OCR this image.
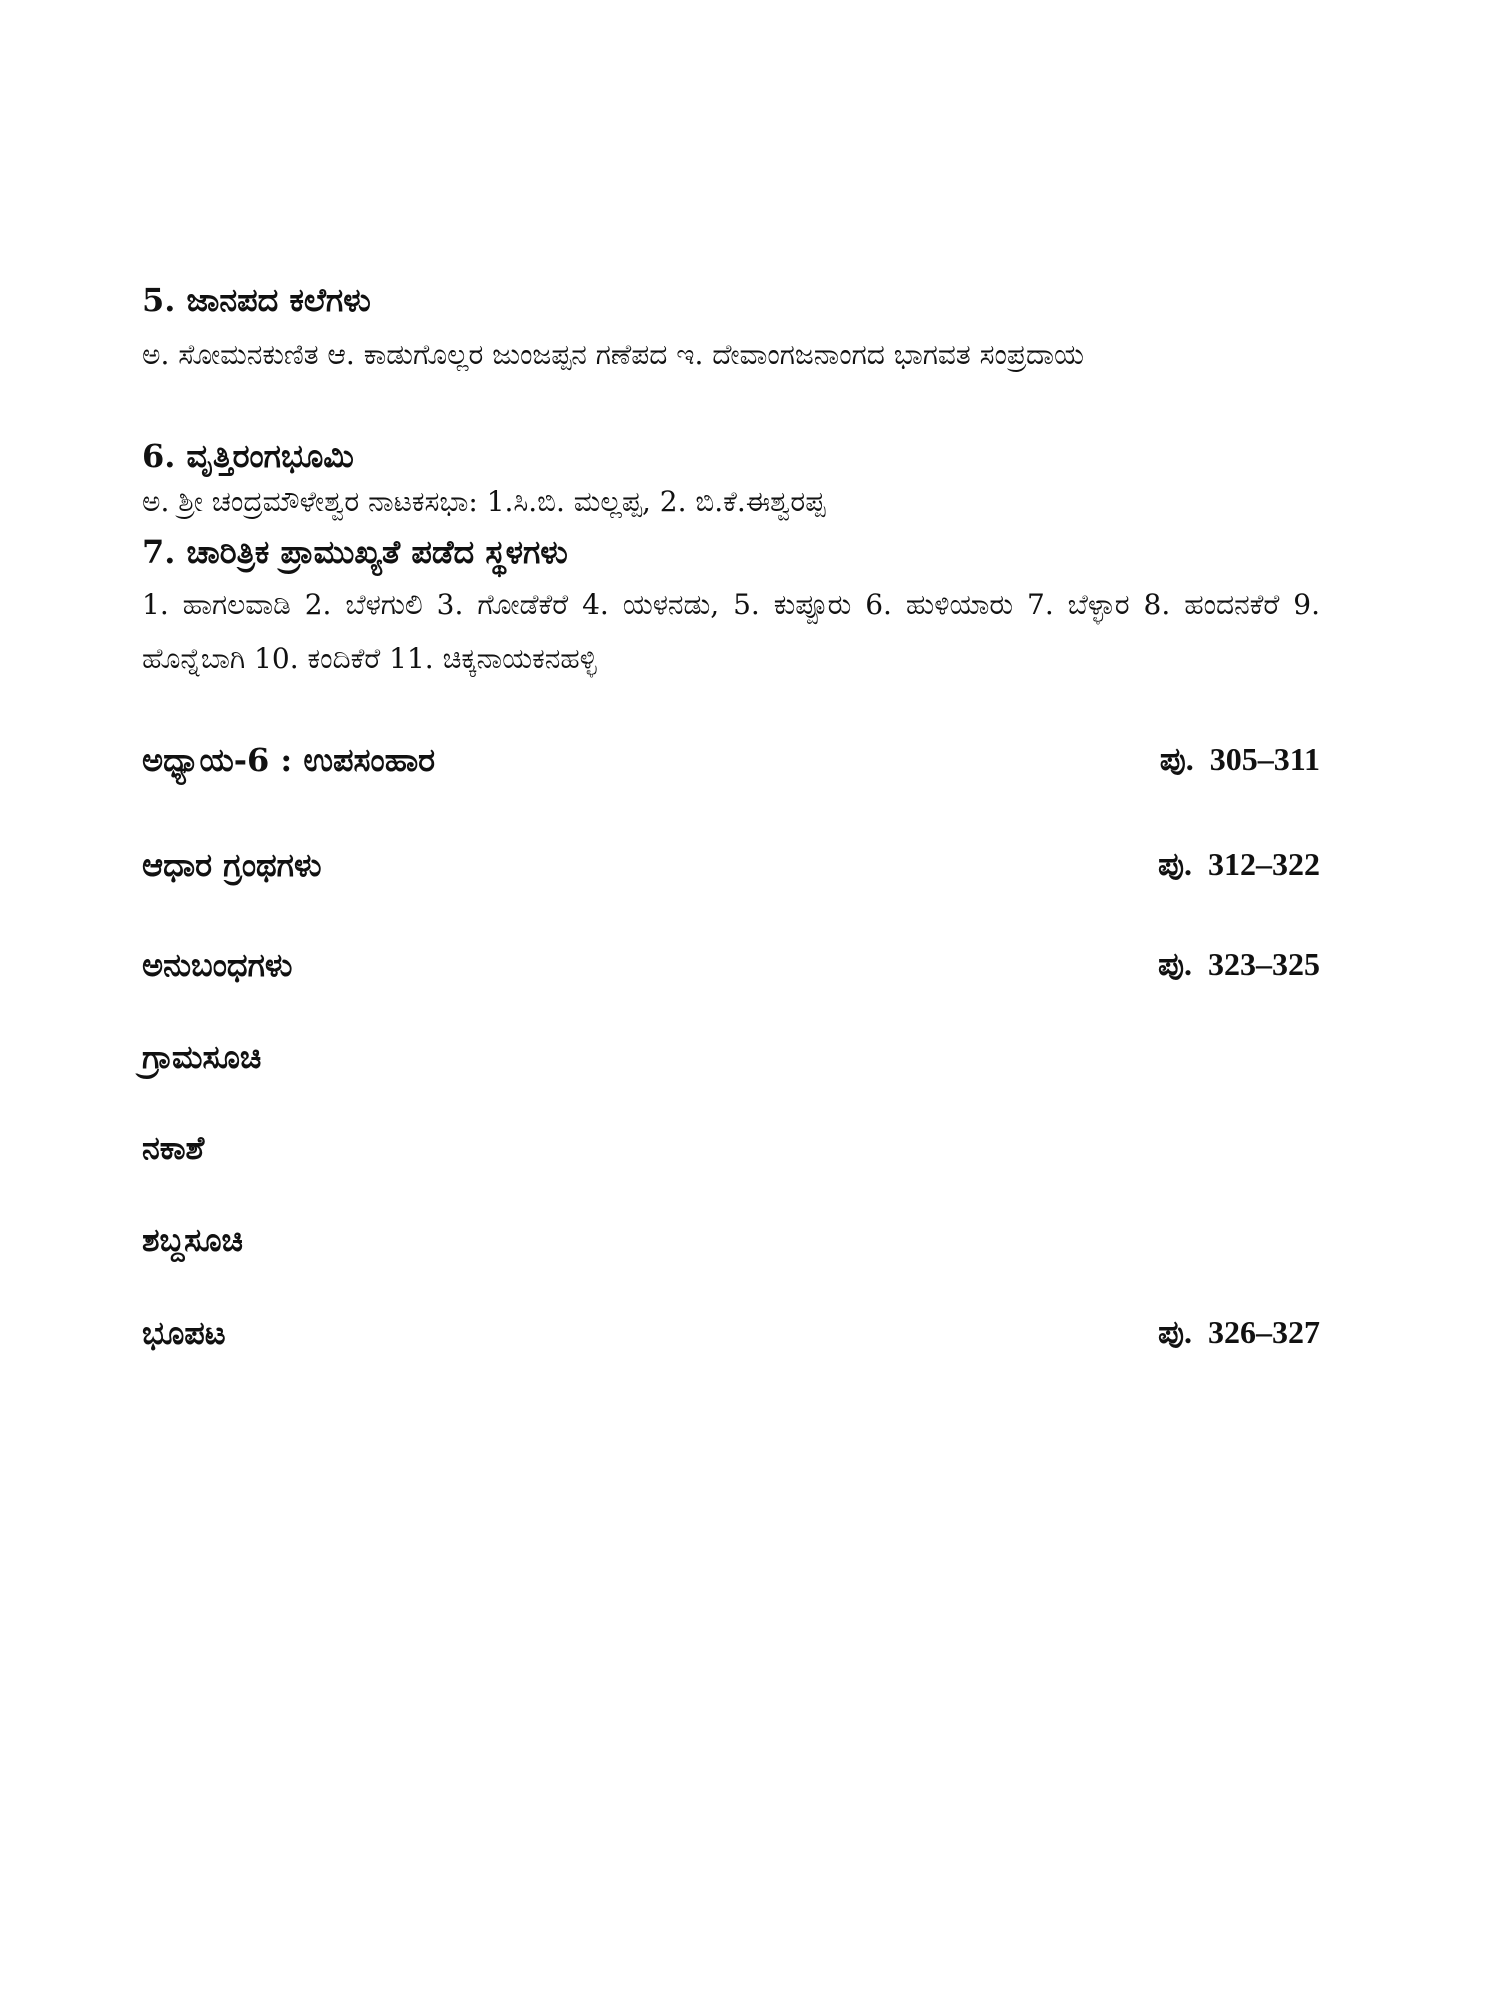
5. ಜಾನಪದ ಕಲೆಗಳು
ಅ. ಸೋಮನಕುಣಿತ ಆ. ಕಾಡುಗೊಲ್ಲರ ಜುಂಜಪ್ಪನ ಗಣೆಪದ ಇ. ದೇವಾಂಗಜನಾಂಗದ ಭಾಗವತ ಸಂಪ್ರದಾಯ
6. ವೃತ್ತಿರಂಗಭೂಮಿ
ಅ. ಶ್ರೀ ಚಂದ್ರಮೌಳೇಶ್ವರ ನಾಟಕಸಭಾ: 1.ಸಿ.ಬಿ. ಮಲ್ಲಪ್ಪ, 2. ಬಿ.ಕೆ.ಈಶ್ವರಪ್ಪ
7. ಚಾರಿತ್ರಿಕ ಪ್ರಾಮುಖ್ಯತೆ ಪಡೆದ ಸ್ಥಳಗಳು
1. ಹಾಗಲವಾಡಿ 2. ಬೆಳಗುಲಿ 3. ಗೋಡೆಕೆರೆ 4. ಯಳನಡು, 5. ಕುಪ್ಪೂರು 6. ಹುಳಿಯಾರು 7. ಬೆಳ್ಳಾರ 8. ಹಂದನಕೆರೆ 9. ಹೊನ್ನೆಬಾಗಿ 10. ಕಂದಿಕೆರೆ 11. ಚಿಕ್ಕನಾಯಕನಹಳ್ಳಿ
ಅಧ್ಯಾಯ-6 : ಉಪಸಂಹಾರ	ಪು. 305–311
ಆಧಾರ ಗ್ರಂಥಗಳು	ಪು. 312–322
ಅನುಬಂಧಗಳು	ಪು. 323–325
ಗ್ರಾಮಸೂಚಿ
ನಕಾಶೆ
ಶಬ್ದಸೂಚಿ
ಭೂಪಟ	ಪು. 326–327
